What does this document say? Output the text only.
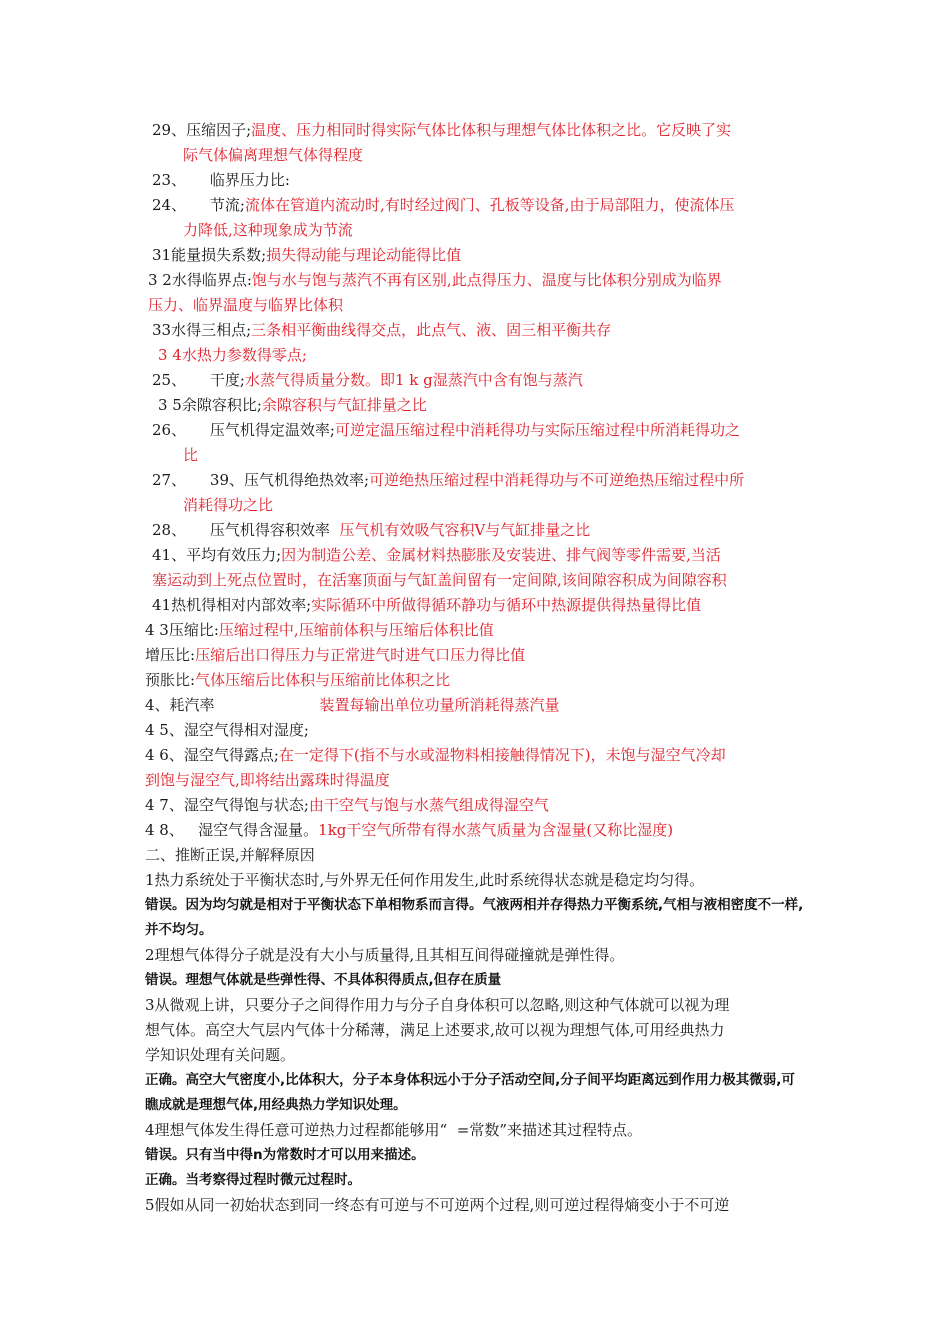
29、压缩因子;温度、压力相同时得实际气体比体积与理想气体比体积之比。它反映了实
际气体偏离理想气体得程度
23、     临界压力比:
24、     节流;流体在管道内流动时,有时经过阀门、孔板等设备,由于局部阻力，使流体压
力降低,这种现象成为节流
31能量损失系数;损失得动能与理论动能得比值
3 2水得临界点:饱与水与饱与蒸汽不再有区别,此点得压力、温度与比体积分别成为临界
压力、临界温度与临界比体积
33水得三相点;三条相平衡曲线得交点，此点气、液、固三相平衡共存
3 4水热力参数得零点;
25、     干度;水蒸气得质量分数。即1 k g湿蒸汽中含有饱与蒸汽
3 5余隙容积比;余隙容积与气缸排量之比
26、     压气机得定温效率;可逆定温压缩过程中消耗得功与实际压缩过程中所消耗得功之
比
27、     39、压气机得绝热效率;可逆绝热压缩过程中消耗得功与不可逆绝热压缩过程中所
消耗得功之比
28、     压气机得容积效率  压气机有效吸气容积V与气缸排量之比
41、平均有效压力;因为制造公差、金属材料热膨胀及安装进、排气阀等零件需要,当活
塞运动到上死点位置时，在活塞顶面与气缸盖间留有一定间隙,该间隙容积成为间隙容积
41热机得相对内部效率;实际循环中所做得循环静功与循环中热源提供得热量得比值
4 3压缩比:压缩过程中,压缩前体积与压缩后体积比值
增压比:压缩后出口得压力与正常进气时进气口压力得比值
预胀比:气体压缩后比体积与压缩前比体积之比
4、耗汽率                      装置每输出单位功量所消耗得蒸汽量
4 5、湿空气得相对湿度;
4 6、湿空气得露点;在一定得下(指不与水或湿物料相接触得情况下)，未饱与湿空气冷却
到饱与湿空气,即将结出露珠时得温度
4 7、湿空气得饱与状态;由干空气与饱与水蒸气组成得湿空气
4 8、   湿空气得含湿量。1kg干空气所带有得水蒸气质量为含湿量(又称比湿度)
二、推断正误,并解释原因
1热力系统处于平衡状态时,与外界无任何作用发生,此时系统得状态就是稳定均匀得。
错误。因为均匀就是相对于平衡状态下单相物系而言得。气液两相并存得热力平衡系统,气相与液相密度不一样,
并不均匀。
2理想气体得分子就是没有大小与质量得,且其相互间得碰撞就是弹性得。
错误。理想气体就是些弹性得、不具体积得质点,但存在质量
3从微观上讲，只要分子之间得作用力与分子自身体积可以忽略,则这种气体就可以视为理
想气体。高空大气层内气体十分稀薄，满足上述要求,故可以视为理想气体,可用经典热力
学知识处理有关问题。
正确。高空大气密度小,比体积大，分子本身体积远小于分子活动空间,分子间平均距离远到作用力极其微弱,可
瞧成就是理想气体,用经典热力学知识处理。
4理想气体发生得任意可逆热力过程都能够用“  =常数”来描述其过程特点。
错误。只有当中得n为常数时才可以用来描述。
正确。当考察得过程时微元过程时。
5假如从同一初始状态到同一终态有可逆与不可逆两个过程,则可逆过程得熵变小于不可逆
